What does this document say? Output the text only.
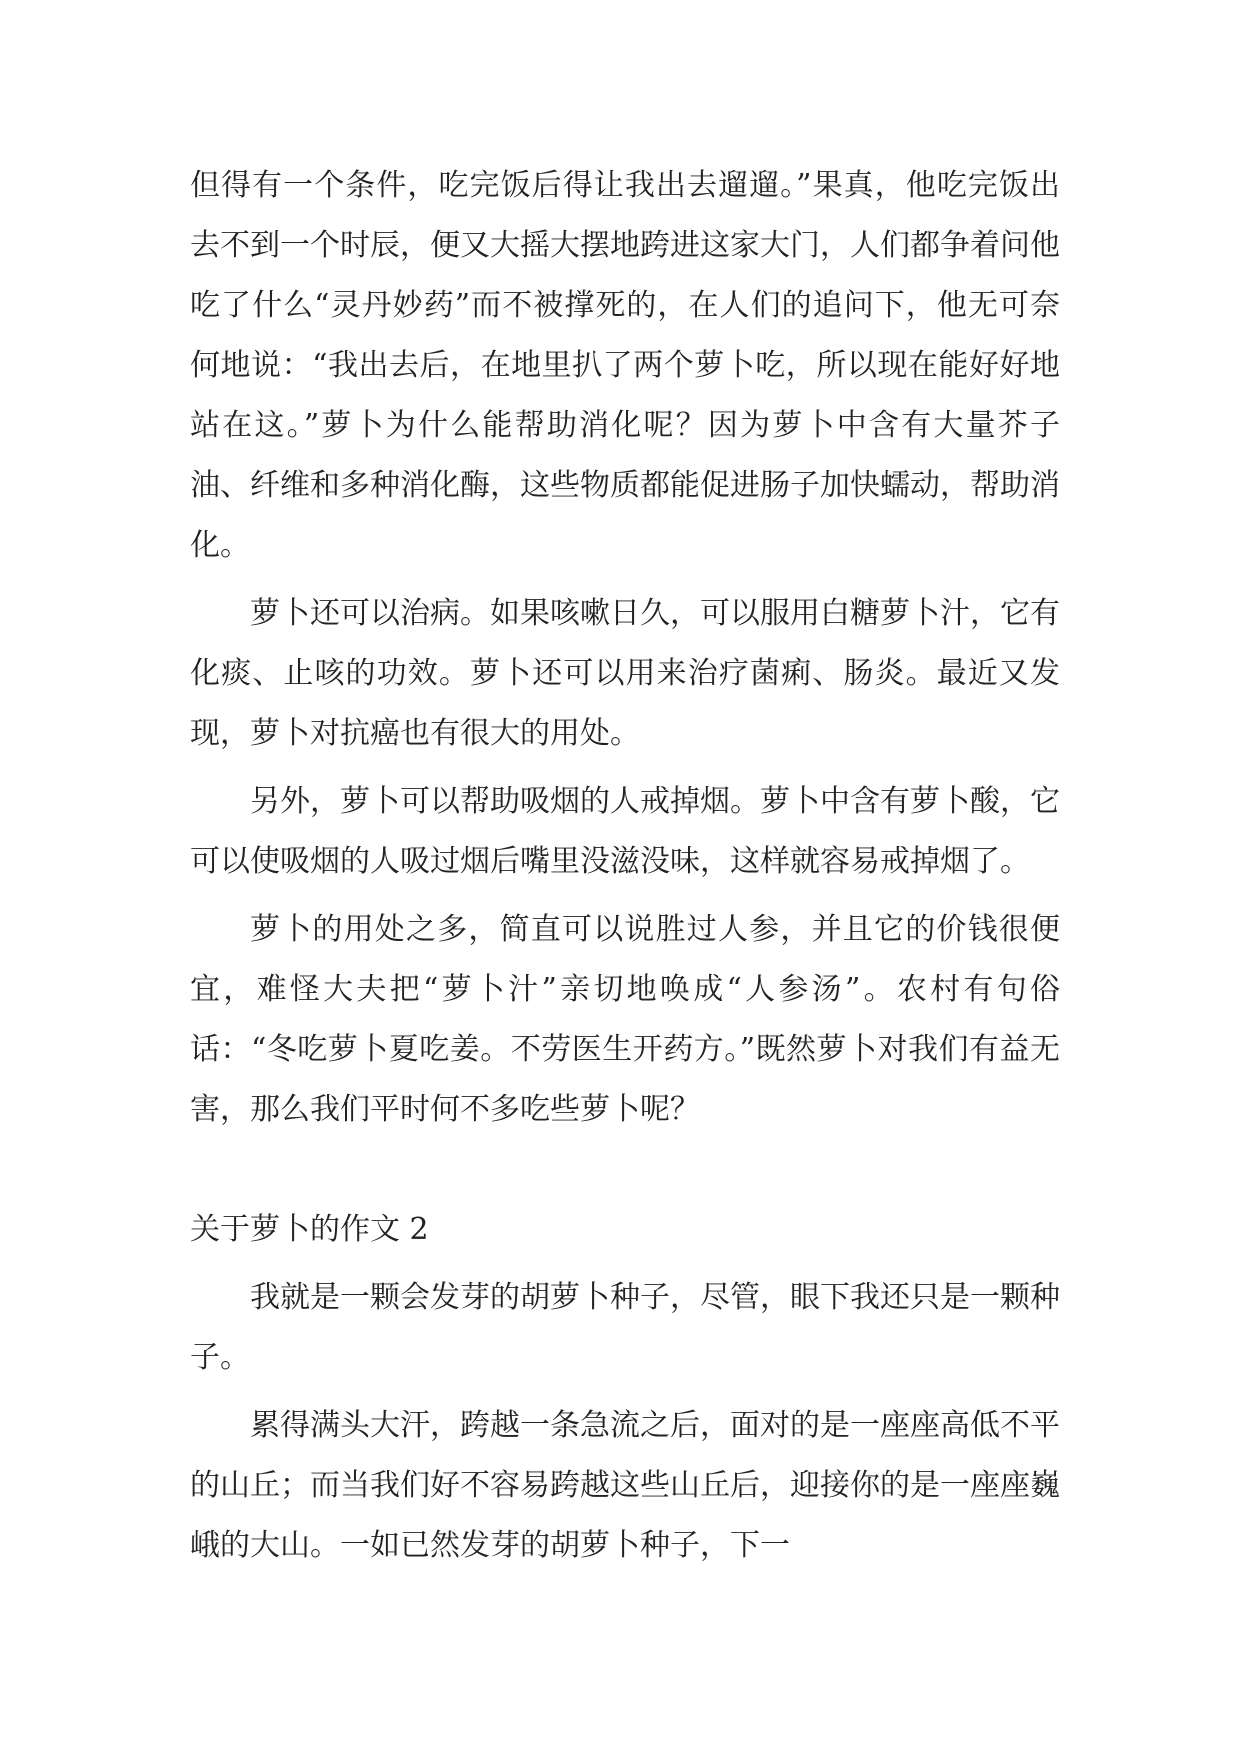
但得有一个条件，吃完饭后得让我出去遛遛。”果真，他吃完饭出去不到一个时辰，便又大摇大摆地跨进这家大门，人们都争着问他吃了什么“灵丹妙药”而不被撑死的，在人们的追问下，他无可奈何地说：“我出去后，在地里扒了两个萝卜吃，所以现在能好好地站在这。”萝卜为什么能帮助消化呢？因为萝卜中含有大量芥子油、纤维和多种消化酶，这些物质都能促进肠子加快蠕动，帮助消化。

萝卜还可以治病。如果咳嗽日久，可以服用白糖萝卜汁，它有化痰、止咳的功效。萝卜还可以用来治疗菌痢、肠炎。最近又发现，萝卜对抗癌也有很大的用处。

另外，萝卜可以帮助吸烟的人戒掉烟。萝卜中含有萝卜酸，它可以使吸烟的人吸过烟后嘴里没滋没味，这样就容易戒掉烟了。

萝卜的用处之多，简直可以说胜过人参，并且它的价钱很便宜，难怪大夫把“萝卜汁”亲切地唤成“人参汤”。农村有句俗话：“冬吃萝卜夏吃姜。不劳医生开药方。”既然萝卜对我们有益无害，那么我们平时何不多吃些萝卜呢？

关于萝卜的作文 2

我就是一颗会发芽的胡萝卜种子，尽管，眼下我还只是一颗种子。

累得满头大汗，跨越一条急流之后，面对的是一座座高低不平的山丘；而当我们好不容易跨越这些山丘后，迎接你的是一座座巍峨的大山。一如已然发芽的胡萝卜种子，下一
